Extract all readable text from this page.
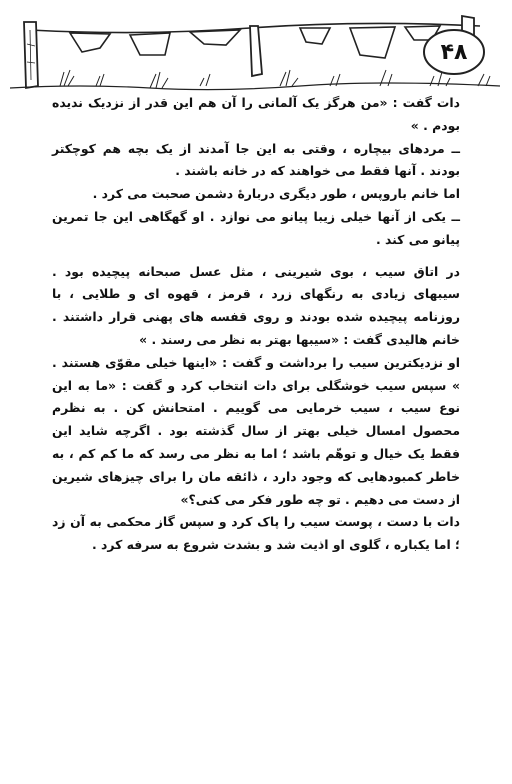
۴۸

دات گفت : «من هرگز یک آلمانی را آن هم این قدر از نزدیک ندیده بودم . »

ــ مردهای بیچاره ، وقتی به این جا آمدند از یک بچه هم کوچکتر بودند . آنها فقط می خواهند که در خانه باشند .

اما خانم باروپس ، طور دیگری دربارهٔ دشمن صحبت می کرد .

ــ یکی از آنها خیلی زیبا پیانو می نوازد . او گهگاهی این جا تمرین پیانو می کند .

در اتاق سیب ، بوی شیرینی ، مثل عسل صبحانه پیچیده بود . سیبهای زیادی به رنگهای زرد ، قرمز ، قهوه ای و طلایی ، با روزنامه پیچیده شده بودند و روی قفسه های پهنی قرار داشتند . خانم هالیدی گفت : «سیبها بهتر به نظر می رسند . »

او نزدیکترین سیب را برداشت و گفت : «اینها خیلی مقوّی هستند . » سپس سیب خوشگلی برای دات انتخاب کرد و گفت : «ما به این نوع سیب ، سیب خرمایی می گوییم . امتحانش کن . به نظرم محصول امسال خیلی بهتر از سال گذشته بود . اگرچه شاید این فقط یک خیال و توهّم باشد ؛ اما به نظر می رسد که ما کم کم ، به خاطر کمبودهایی که وجود دارد ، ذائقه مان را برای چیزهای شیرین از دست می دهیم . تو چه طور فکر می کنی؟»

دات با دست ، پوست سیب را پاک کرد و سپس گاز محکمی به آن زد ؛ اما یکباره ، گلوی او اذیت شد و بشدت شروع به سرفه کرد .
